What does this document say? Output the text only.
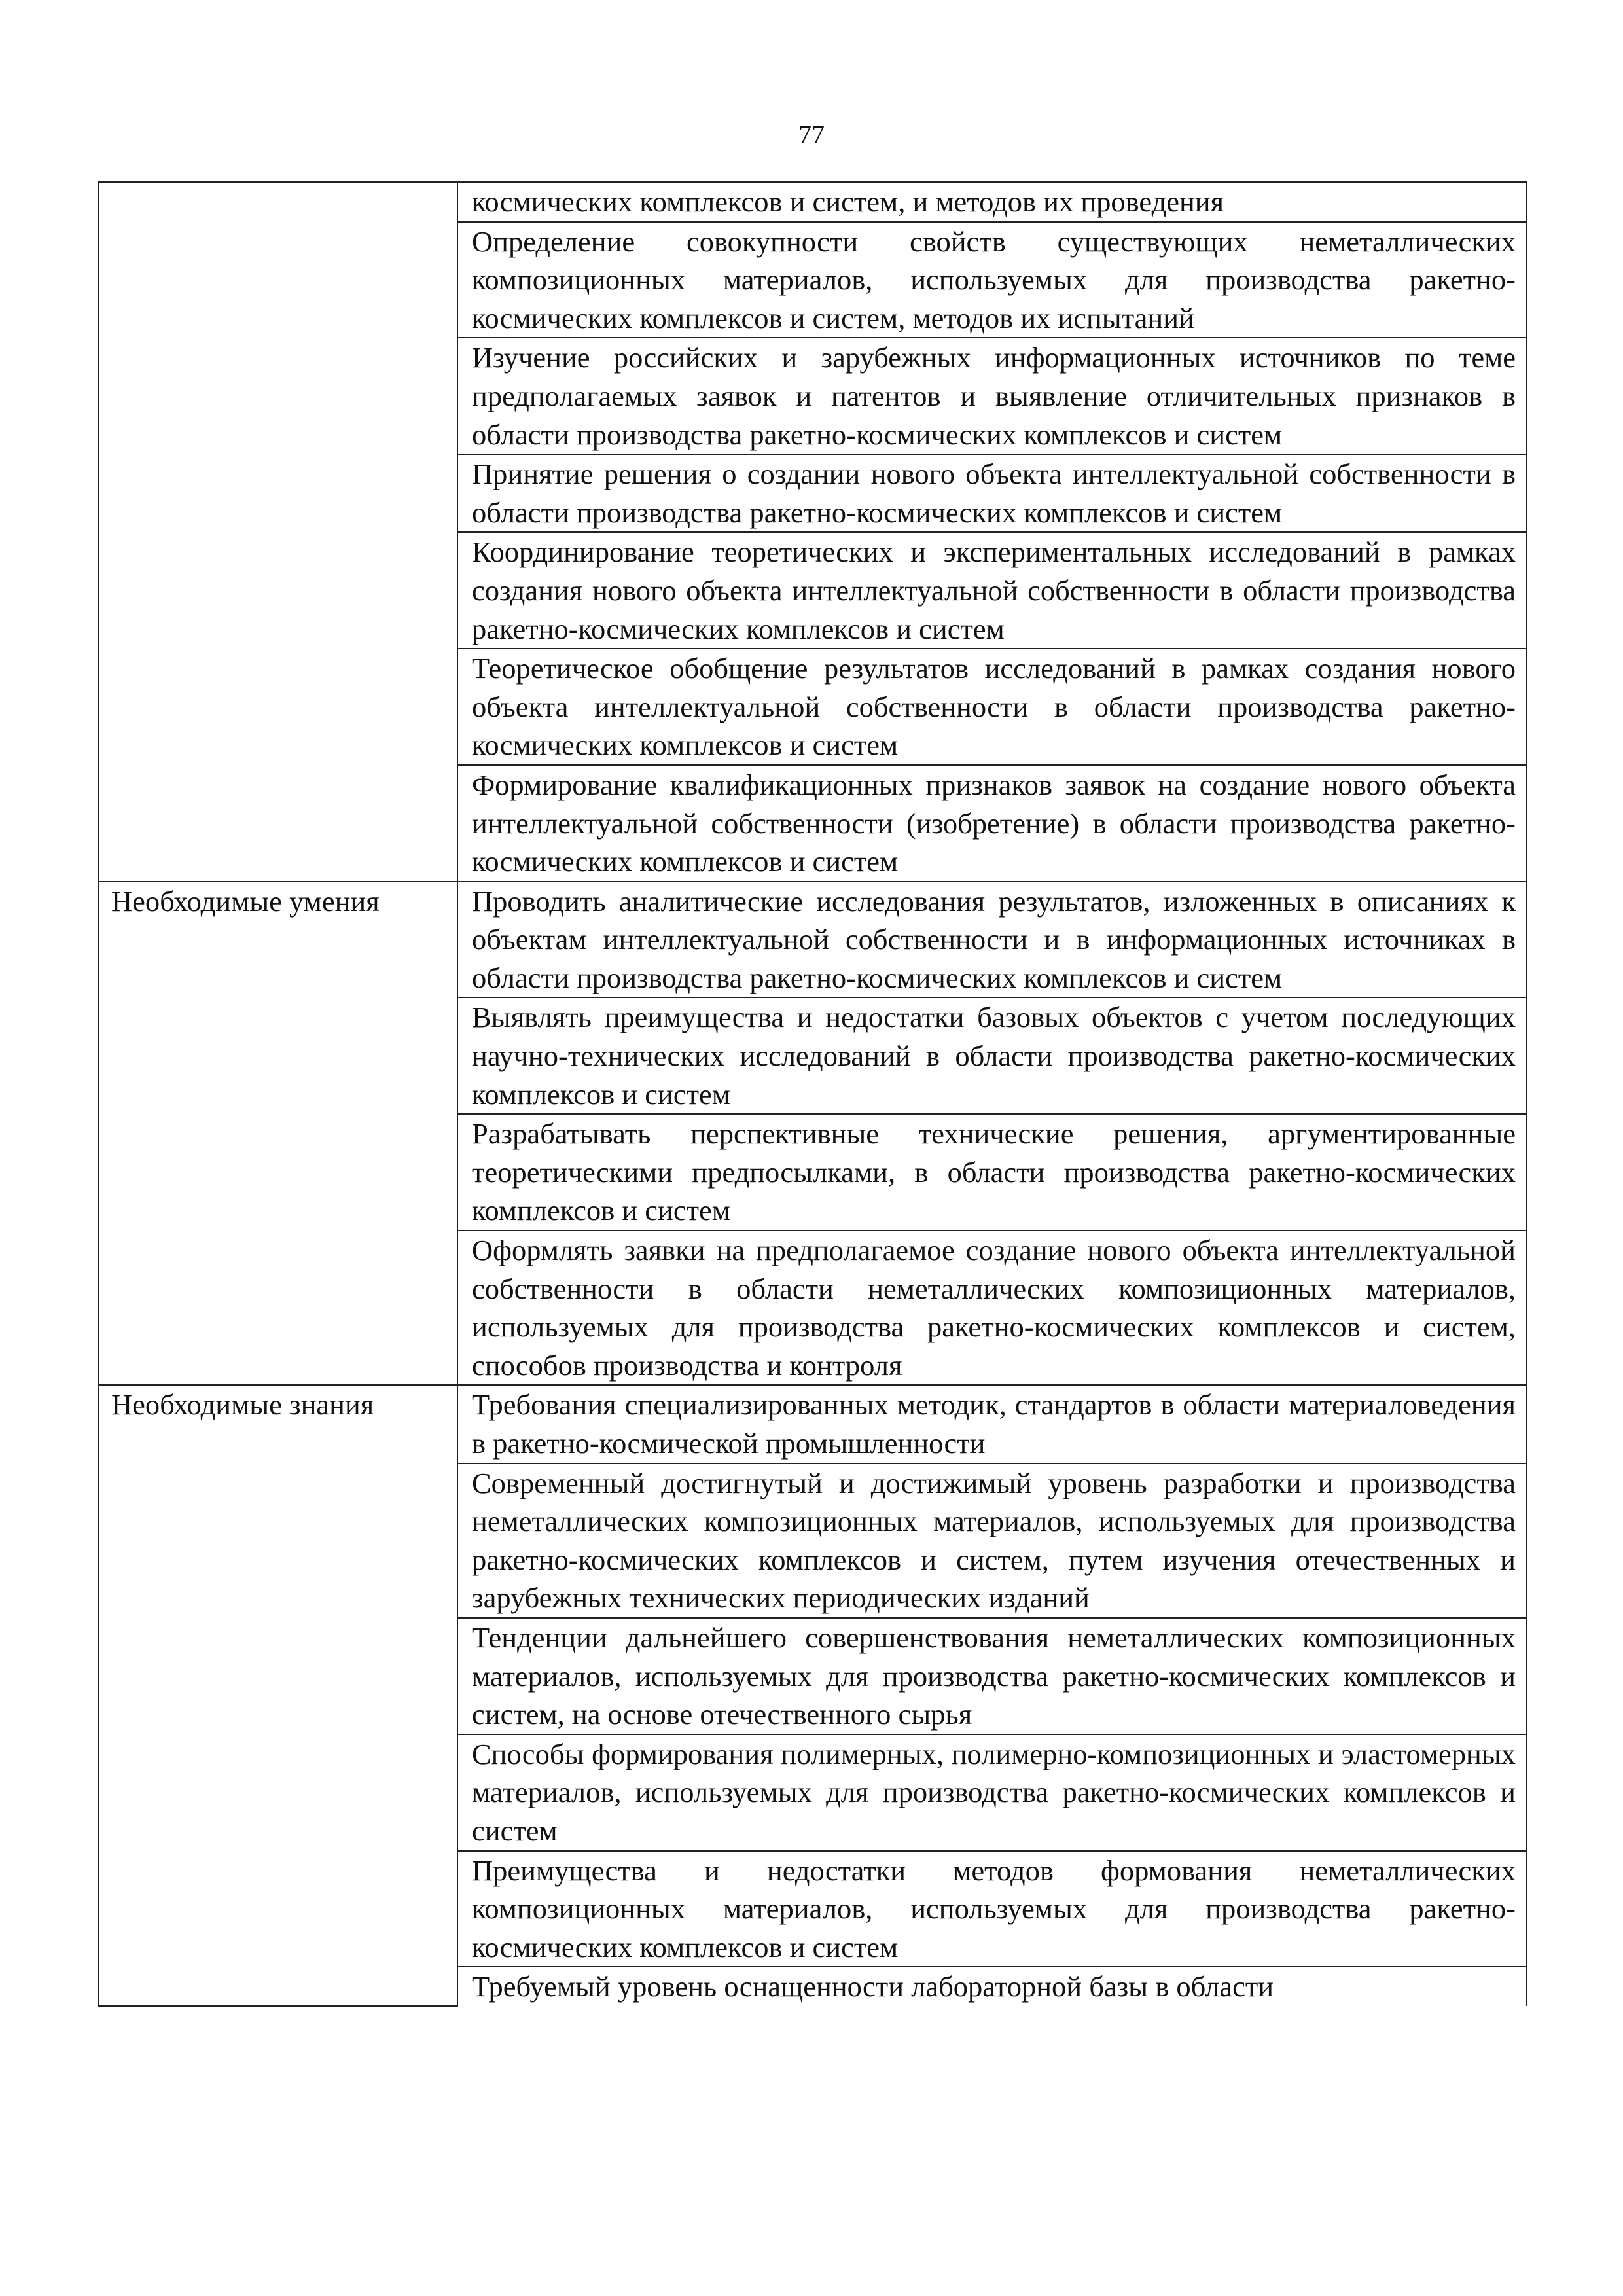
77
	космических комплексов и систем, и методов их проведения
	Определение совокупности свойств существующих неметаллических композиционных материалов, используемых для производства ракетно-космических комплексов и систем, методов их испытаний
	Изучение российских и зарубежных информационных источников по теме предполагаемых заявок и патентов и выявление отличительных признаков в области производства ракетно-космических комплексов и систем
	Принятие решения о создании нового объекта интеллектуальной собственности в области производства ракетно-космических комплексов и систем
	Координирование теоретических и экспериментальных исследований в рамках создания нового объекта интеллектуальной собственности в области производства ракетно-космических комплексов и систем
	Теоретическое обобщение результатов исследований в рамках создания нового объекта интеллектуальной собственности в области производства ракетно-космических комплексов и систем
	Формирование квалификационных признаков заявок на создание нового объекта интеллектуальной собственности (изобретение) в области производства ракетно-космических комплексов и систем
Необходимые умения	Проводить аналитические исследования результатов, изложенных в описаниях к объектам интеллектуальной собственности и в информационных источниках в области производства ракетно-космических комплексов и систем
	Выявлять преимущества и недостатки базовых объектов с учетом последующих научно-технических исследований в области производства ракетно-космических комплексов и систем
	Разрабатывать перспективные технические решения, аргументированные теоретическими предпосылками, в области производства ракетно-космических комплексов и систем
	Оформлять заявки на предполагаемое создание нового объекта интеллектуальной собственности в области неметаллических композиционных материалов, используемых для производства ракетно-космических комплексов и систем, способов производства и контроля
Необходимые знания	Требования специализированных методик, стандартов в области материаловедения в ракетно-космической промышленности
	Современный достигнутый и достижимый уровень разработки и производства неметаллических композиционных материалов, используемых для производства ракетно-космических комплексов и систем, путем изучения отечественных и зарубежных технических периодических изданий
	Тенденции дальнейшего совершенствования неметаллических композиционных материалов, используемых для производства ракетно-космических комплексов и систем, на основе отечественного сырья
	Способы формирования полимерных, полимерно-композиционных и эластомерных материалов, используемых для производства ракетно-космических комплексов и систем
	Преимущества и недостатки методов формования неметаллических композиционных материалов, используемых для производства ракетно-космических комплексов и систем
	Требуемый уровень оснащенности лабораторной базы в области
